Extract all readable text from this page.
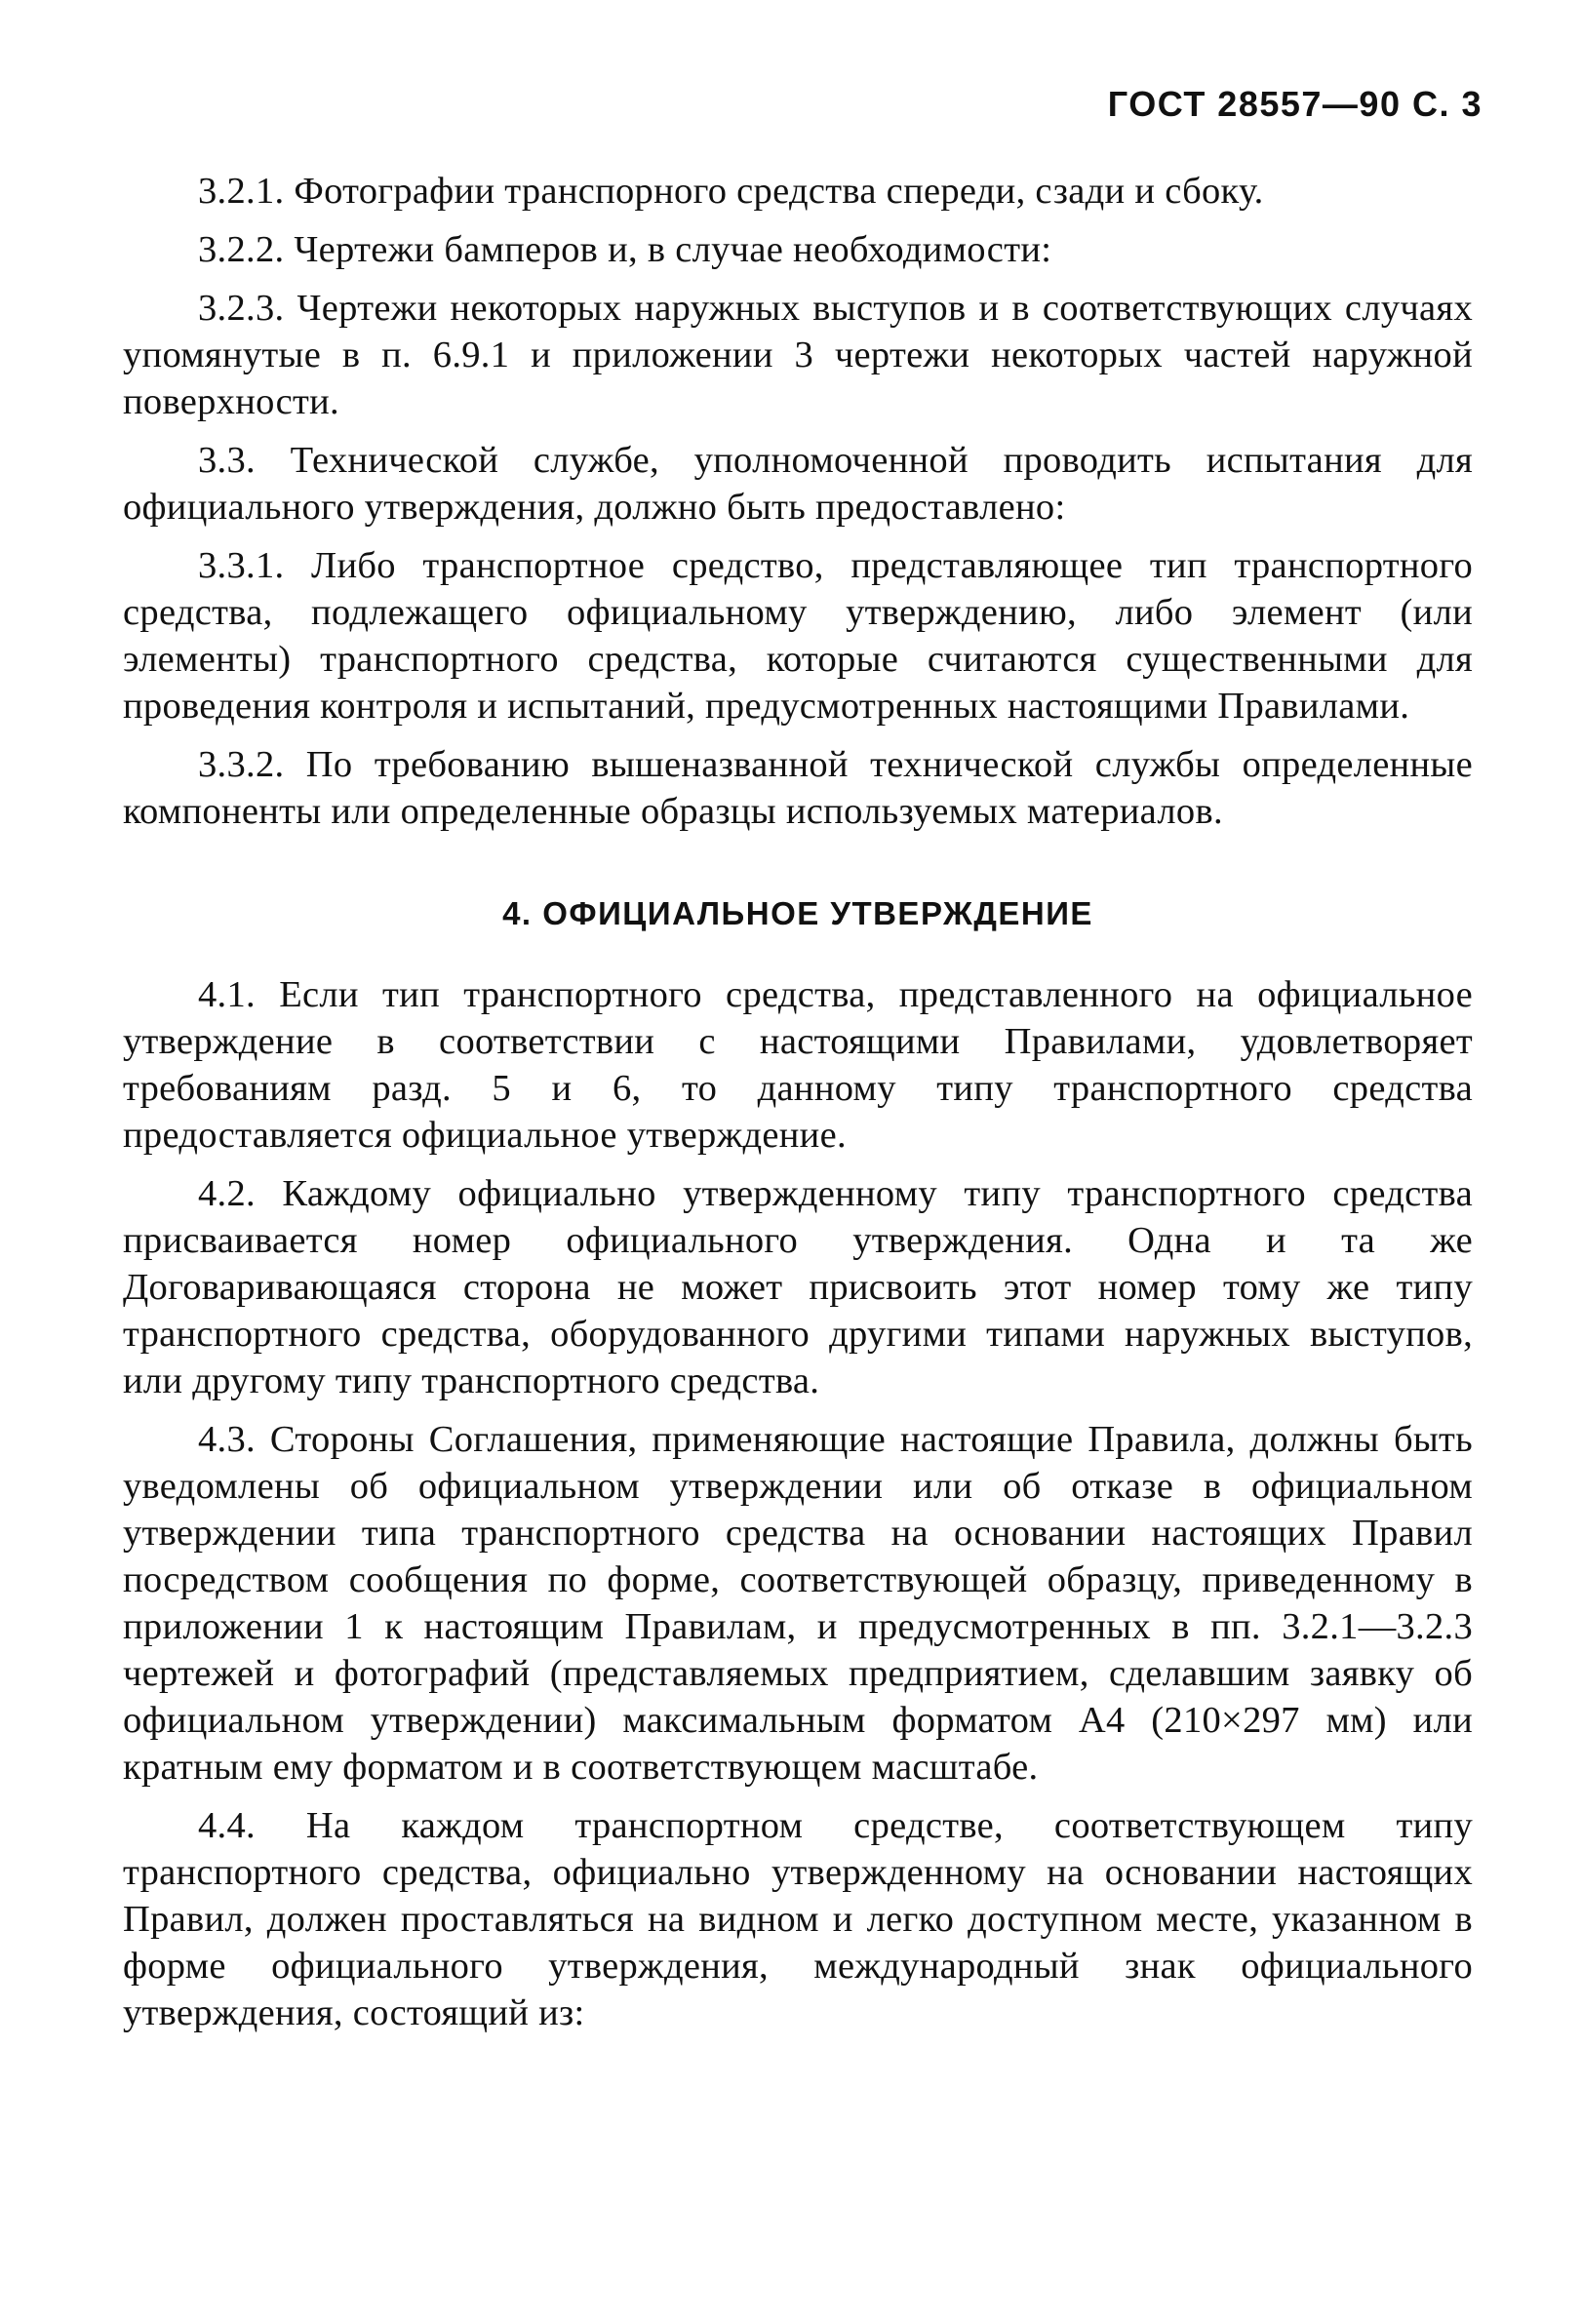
ГОСТ 28557—90 С. 3

3.2.1. Фотографии транспорного средства спереди, сзади и сбоку.

3.2.2. Чертежи бамперов и, в случае необходимости:

3.2.3. Чертежи некоторых наружных выступов и в соответствующих случаях упомянутые в п. 6.9.1 и приложении 3 чертежи некоторых частей наружной поверхности.

3.3. Технической службе, уполномоченной проводить испытания для официального утверждения, должно быть предоставлено:

3.3.1. Либо транспортное средство, представляющее тип транспортного средства, подлежащего официальному утверждению, либо элемент (или элементы) транспортного средства, которые считаются существенными для проведения контроля и испытаний, предусмотренных настоящими Правилами.

3.3.2. По требованию вышеназванной технической службы определенные компоненты или определенные образцы используемых материалов.

4. ОФИЦИАЛЬНОЕ УТВЕРЖДЕНИЕ

4.1. Если тип транспортного средства, представленного на официальное утверждение в соответствии с настоящими Правилами, удовлетворяет требованиям разд. 5 и 6, то данному типу транспортного средства предоставляется официальное утверждение.

4.2. Каждому официально утвержденному типу транспортного средства присваивается номер официального утверждения. Одна и та же Договаривающаяся сторона не может присвоить этот номер тому же типу транспортного средства, оборудованного другими типами наружных выступов, или другому типу транспортного средства.

4.3. Стороны Соглашения, применяющие настоящие Правила, должны быть уведомлены об официальном утверждении или об отказе в официальном утверждении типа транспортного средства на основании настоящих Правил посредством сообщения по форме, соответствующей образцу, приведенному в приложении 1 к настоящим Правилам, и предусмотренных в пп. 3.2.1—3.2.3 чертежей и фотографий (представляемых предприятием, сделавшим заявку об официальном утверждении) максимальным форматом А4 (210×297 мм) или кратным ему форматом и в соответствующем масштабе.

4.4. На каждом транспортном средстве, соответствующем типу транспортного средства, официально утвержденному на основании настоящих Правил, должен проставляться на видном и легко доступном месте, указанном в форме официального утверждения, международный знак официального утверждения, состоящий из:
